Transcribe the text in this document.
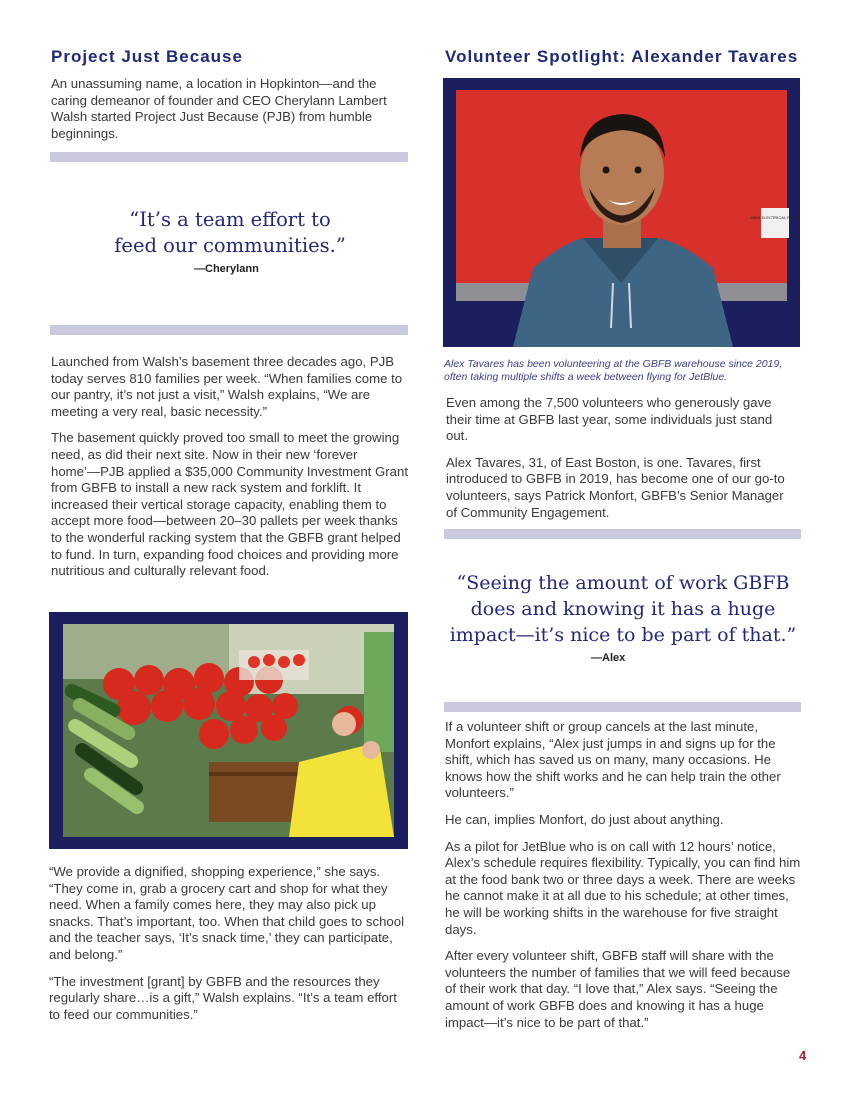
Project Just Because

An unassuming name, a location in Hopkinton—and the caring demeanor of founder and CEO Cherylann Lambert Walsh started Project Just Because (PJB) from humble beginnings.

“It’s a team effort to

feed our communities.”

—Cherylann

Launched from Walsh’s basement three decades ago, PJB today serves 810 families per week. “When families come to our pantry, it’s not just a visit,” Walsh explains, “We are meeting a very real, basic necessity.”

The basement quickly proved too small to meet the growing need, as did their next site. Now in their new ‘forever home’—PJB applied a $35,000 Community Investment Grant from GBFB to install a new rack system and forklift. It increased their vertical storage capacity, enabling them to accept more food—between 20–30 pallets per week thanks to the wonderful racking system that the GBFB grant helped to fund. In turn, expanding food choices and providing more nutritious and culturally relevant food.

“We provide a dignified, shopping experience,” she says. “They come in, grab a grocery cart and shop for what they need. When a family comes here, they may also pick up snacks. That’s important, too. When that child goes to school and the teacher says, ‘It’s snack time,’ they can participate, and belong.”

“The investment [grant] by GBFB and the resources they regularly share…is a gift,” Walsh explains. “It’s a team effort to feed our communities.”

Volunteer Spotlight: Alexander Tavares
MAIN ELECTRICAL ROOM
Alex Tavares has been volunteering at the GBFB warehouse since 2019, often taking multiple shifts a week between flying for JetBlue.

Even among the 7,500 volunteers who generously gave their time at GBFB last year, some individuals just stand out.

Alex Tavares, 31, of East Boston, is one. Tavares, first introduced to GBFB in 2019, has become one of our go-to volunteers, says Patrick Monfort, GBFB’s Senior Manager of Community Engagement.

“Seeing the amount of work GBFB

does and knowing it has a huge

impact—it’s nice to be part of that.”

—Alex

If a volunteer shift or group cancels at the last minute, Monfort explains, “Alex just jumps in and signs up for the shift, which has saved us on many, many occasions. He knows how the shift works and he can help train the other volunteers.”

He can, implies Monfort, do just about anything.

As a pilot for JetBlue who is on call with 12 hours’ notice, Alex’s schedule requires flexibility. Typically, you can find him at the food bank two or three days a week. There are weeks he cannot make it at all due to his schedule; at other times, he will be working shifts in the warehouse for five straight days.

After every volunteer shift, GBFB staff will share with the volunteers the number of families that we will feed because of their work that day. “I love that,” Alex says. “Seeing the amount of work GBFB does and knowing it has a huge impact—it’s nice to be part of that.”

4
